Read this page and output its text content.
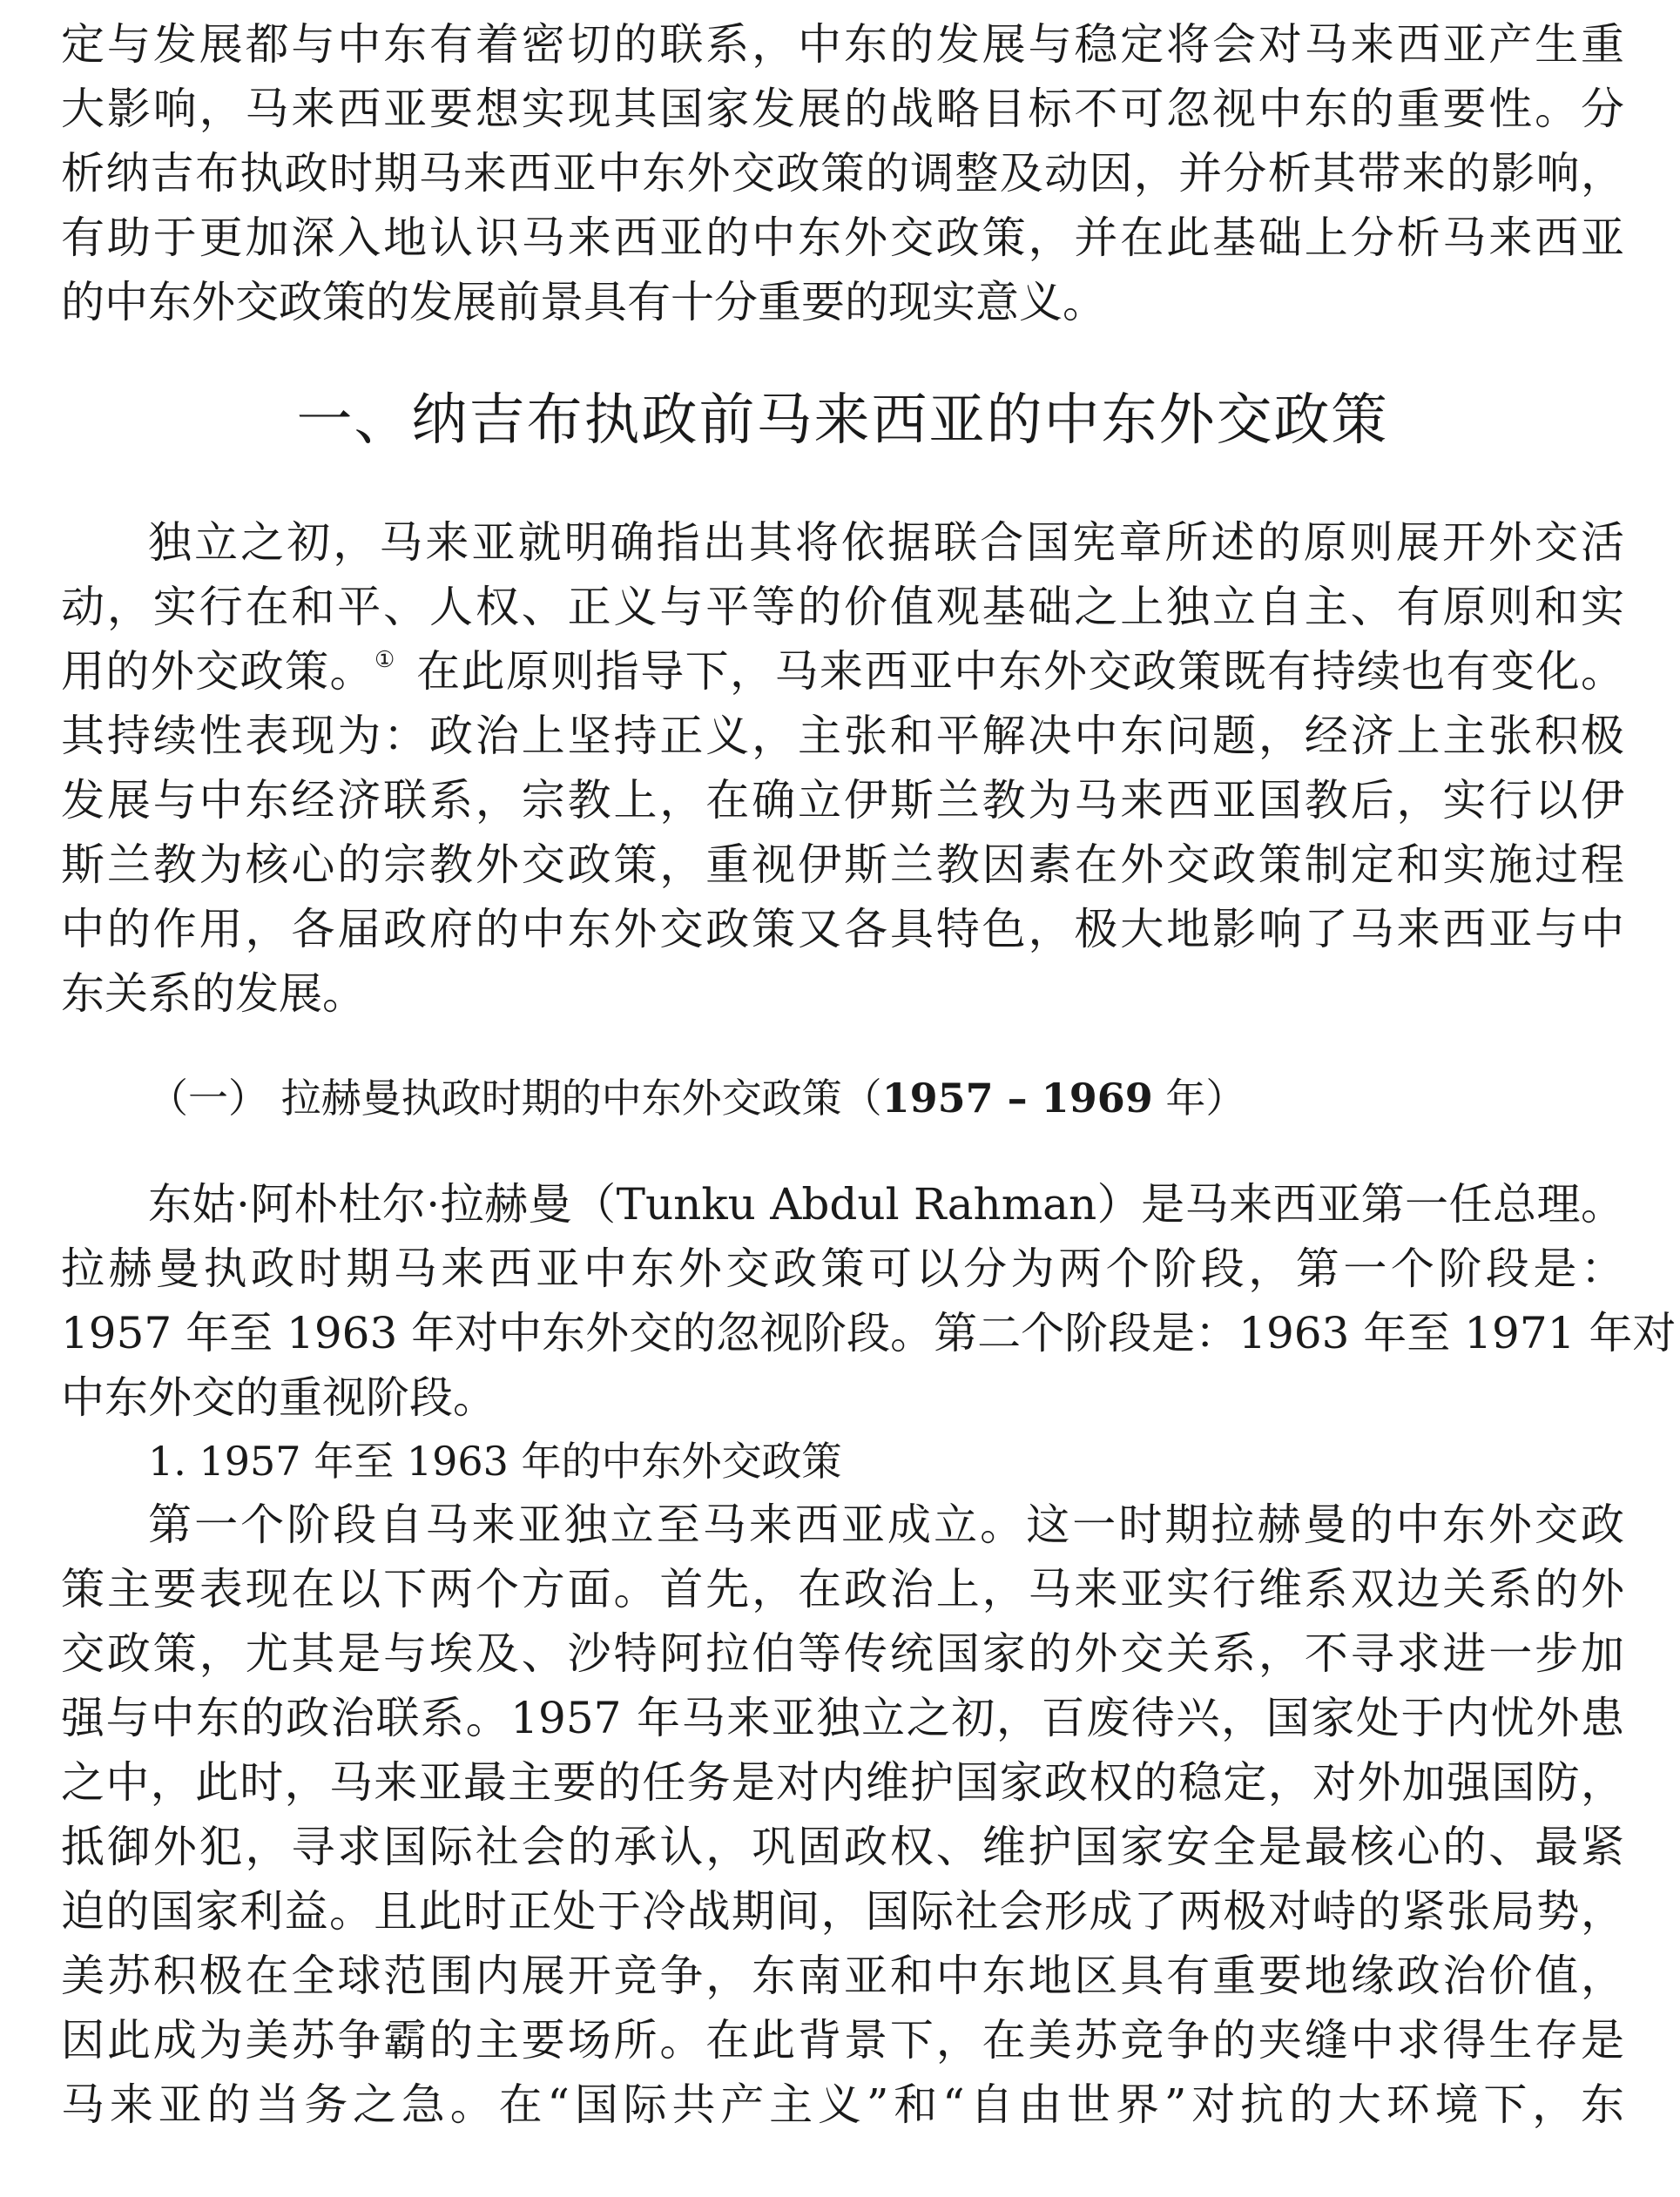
定与发展都与中东有着密切的联系，中东的发展与稳定将会对马来西亚产生重
大影响，马来西亚要想实现其国家发展的战略目标不可忽视中东的重要性。分
析纳吉布执政时期马来西亚中东外交政策的调整及动因，并分析其带来的影响，
有助于更加深入地认识马来西亚的中东外交政策，并在此基础上分析马来西亚
的中东外交政策的发展前景具有十分重要的现实意义。

一、纳吉布执政前马来西亚的中东外交政策

独立之初，马来亚就明确指出其将依据联合国宪章所述的原则展开外交活
动，实行在和平、人权、正义与平等的价值观基础之上独立自主、有原则和实
用的外交政策。① 在此原则指导下，马来西亚中东外交政策既有持续也有变化。
其持续性表现为：政治上坚持正义，主张和平解决中东问题，经济上主张积极
发展与中东经济联系，宗教上，在确立伊斯兰教为马来西亚国教后，实行以伊
斯兰教为核心的宗教外交政策，重视伊斯兰教因素在外交政策制定和实施过程
中的作用，各届政府的中东外交政策又各具特色，极大地影响了马来西亚与中
东关系的发展。

（一） 拉赫曼执政时期的中东外交政策（1957 – 1969 年）

东姑·阿朴杜尔·拉赫曼（Tunku Abdul Rahman）是马来西亚第一任总理。
拉赫曼执政时期马来西亚中东外交政策可以分为两个阶段，第一个阶段是：
1957 年至 1963 年对中东外交的忽视阶段。第二个阶段是：1963 年至 1971 年对
中东外交的重视阶段。

1. 1957 年至 1963 年的中东外交政策

第一个阶段自马来亚独立至马来西亚成立。这一时期拉赫曼的中东外交政
策主要表现在以下两个方面。首先，在政治上，马来亚实行维系双边关系的外
交政策，尤其是与埃及、沙特阿拉伯等传统国家的外交关系，不寻求进一步加
强与中东的政治联系。1957 年马来亚独立之初，百废待兴，国家处于内忧外患
之中，此时，马来亚最主要的任务是对内维护国家政权的稳定，对外加强国防，
抵御外犯，寻求国际社会的承认，巩固政权、维护国家安全是最核心的、最紧
迫的国家利益。且此时正处于冷战期间，国际社会形成了两极对峙的紧张局势，
美苏积极在全球范围内展开竞争，东南亚和中东地区具有重要地缘政治价值，
因此成为美苏争霸的主要场所。在此背景下，在美苏竞争的夹缝中求得生存是
马来亚的当务之急。在“国际共产主义”和“自由世界”对抗的大环境下，东
